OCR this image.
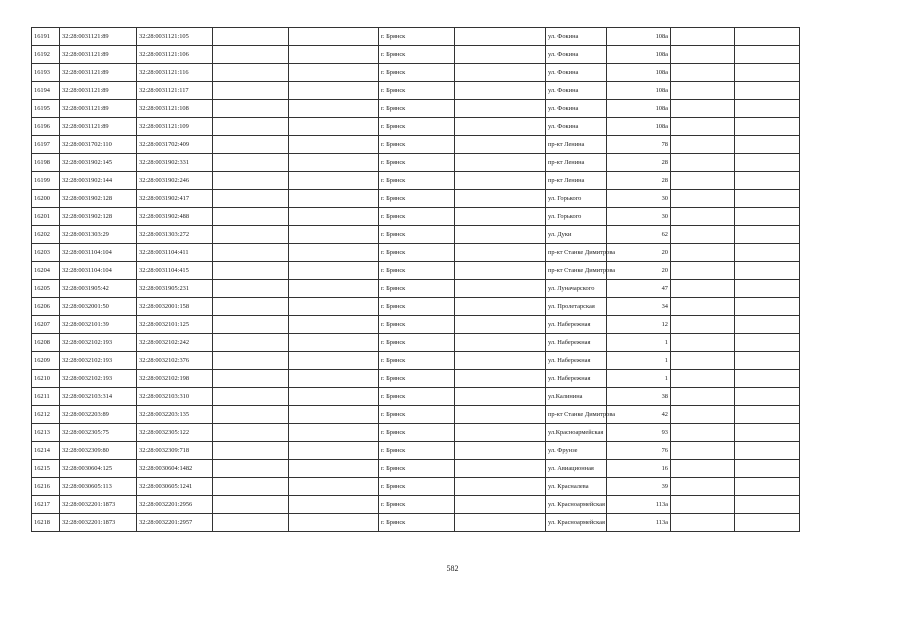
16191	32:28:0031121:89	32:28:0031121:105			г. Брянск		ул. Фокина	108а		
16192	32:28:0031121:89	32:28:0031121:106			г. Брянск		ул. Фокина	108а		
16193	32:28:0031121:89	32:28:0031121:116			г. Брянск		ул. Фокина	108а		
16194	32:28:0031121:89	32:28:0031121:117			г. Брянск		ул. Фокина	108а		
16195	32:28:0031121:89	32:28:0031121:108			г. Брянск		ул. Фокина	108а		
16196	32:28:0031121:89	32:28:0031121:109			г. Брянск		ул. Фокина	108а		
16197	32:28:0031702:110	32:28:0031702:409			г. Брянск		пр-кт Ленина	78		
16198	32:28:0031902:145	32:28:0031902:331			г. Брянск		пр-кт Ленина	28		
16199	32:28:0031902:144	32:28:0031902:246			г. Брянск		пр-кт Ленина	28		
16200	32:28:0031902:128	32:28:0031902:417			г. Брянск		ул. Горького	30		
16201	32:28:0031902:128	32:28:0031902:488			г. Брянск		ул. Горького	30		
16202	32:28:0031303:29	32:28:0031303:272			г. Брянск		ул. Дуки	62		
16203	32:28:0031104:104	32:28:0031104:411			г. Брянск		пр-кт Станке Димитрова	20		
16204	32:28:0031104:104	32:28:0031104:415			г. Брянск		пр-кт Станке Димитрова	20		
16205	32:28:0031905:42	32:28:0031905:231			г. Брянск		ул. Луначарского	47		
16206	32:28:0032001:50	32:28:0032001:158			г. Брянск		ул. Пролетарская	34		
16207	32:28:0032101:39	32:28:0032101:125			г. Брянск		ул. Набережная	12		
16208	32:28:0032102:193	32:28:0032102:242			г. Брянск		ул. Набережная	1		
16209	32:28:0032102:193	32:28:0032102:376			г. Брянск		ул. Набережная	1		
16210	32:28:0032102:193	32:28:0032102:198			г. Брянск		ул. Набережная	1		
16211	32:28:0032103:314	32:28:0032103:310			г. Брянск		ул.Калинина	38		
16212	32:28:0032203:89	32:28:0032203:135			г. Брянск		пр-кт Станке Димитрова	42		
16213	32:28:0032305:75	32:28:0032305:122			г. Брянск		ул.Красноармейская	93		
16214	32:28:0032309:80	32:28:0032309:718			г. Брянск		ул. Фрунзе	76		
16215	32:28:0030604:125	32:28:0030604:1482			г. Брянск		ул. Авиационная	16		
16216	32:28:0030605:113	32:28:0030605:1241			г. Брянск		ул. Красналева	39		
16217	32:28:0032201:1873	32:28:0032201:2956			г. Брянск		ул. Красноармейская	113а		
16218	32:28:0032201:1873	32:28:0032201:2957			г. Брянск		ул. Красноармейская	113а		
582
